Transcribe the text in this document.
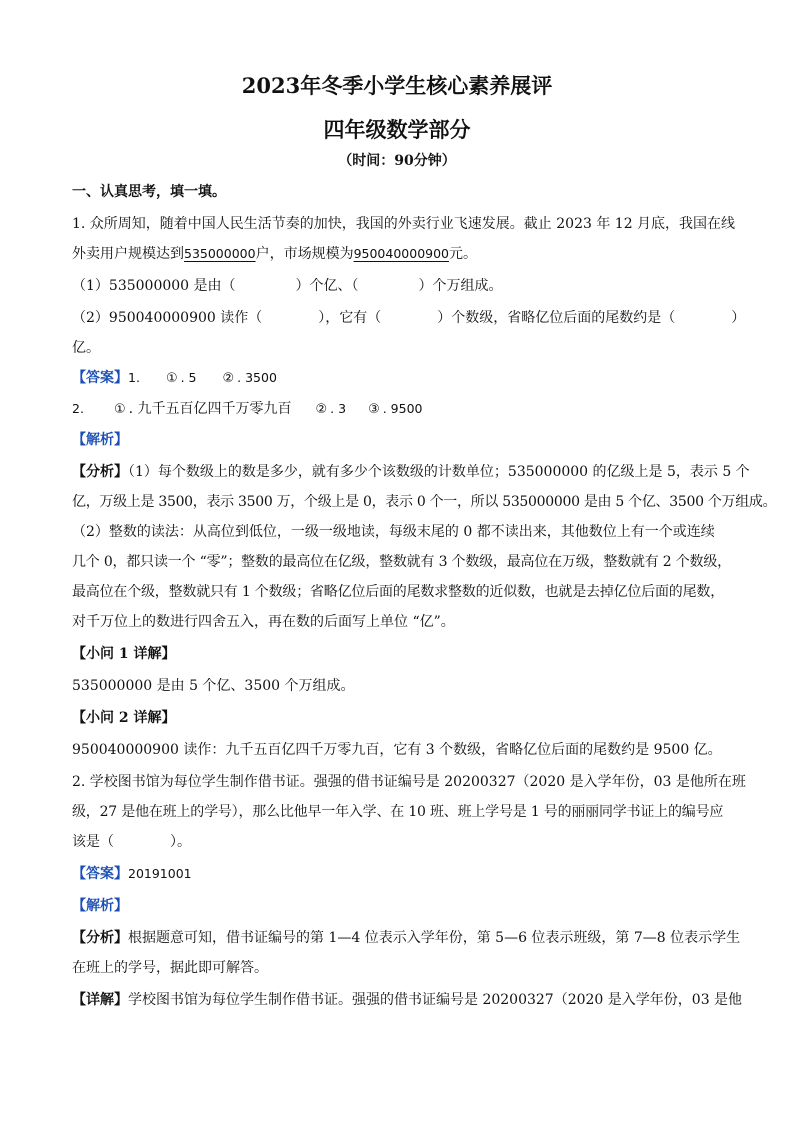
2023年冬季小学生核心素养展评
四年级数学部分
（时间：90分钟）
一、认真思考，填一填。
1. 众所周知，随着中国人民生活节奏的加快，我国的外卖行业飞速发展。截止 2023 年 12 月底，我国在线
外卖用户规模达到535000000户，市场规模为950040000900元。
（1）535000000 是由（	）个亿、（	）个万组成。
（2）950040000900 读作（	），它有（	）个数级，省略亿位后面的尾数约是（	）
亿。
【答案】1. ① . 5 ② . 3500
2. ① . 九千五百亿四千万零九百 ② . 3 ③ . 9500
【解析】
【分析】（1）每个数级上的数是多少，就有多少个该数级的计数单位；535000000 的亿级上是 5，表示 5 个
亿，万级上是 3500，表示 3500 万，个级上是 0，表示 0 个一，所以 535000000 是由 5 个亿、3500 个万组成。
（2）整数的读法：从高位到低位，一级一级地读，每级末尾的 0 都不读出来，其他数位上有一个或连续
几个 0，都只读一个 “零”；整数的最高位在亿级，整数就有 3 个数级，最高位在万级，整数就有 2 个数级，
最高位在个级，整数就只有 1 个数级；省略亿位后面的尾数求整数的近似数，也就是去掉亿位后面的尾数，
对千万位上的数进行四舍五入，再在数的后面写上单位 “亿”。
【小问 1 详解】
535000000 是由 5 个亿、3500 个万组成。
【小问 2 详解】
950040000900 读作：九千五百亿四千万零九百，它有 3 个数级，省略亿位后面的尾数约是 9500 亿。
2. 学校图书馆为每位学生制作借书证。强强的借书证编号是 20200327（2020 是入学年份，03 是他所在班
级，27 是他在班上的学号），那么比他早一年入学、在 10 班、班上学号是 1 号的丽丽同学书证上的编号应
该是（	）。
【答案】20191001
【解析】
【分析】根据题意可知，借书证编号的第 1—4 位表示入学年份，第 5—6 位表示班级，第 7—8 位表示学生
在班上的学号，据此即可解答。
【详解】学校图书馆为每位学生制作借书证。强强的借书证编号是 20200327（2020 是入学年份，03 是他
